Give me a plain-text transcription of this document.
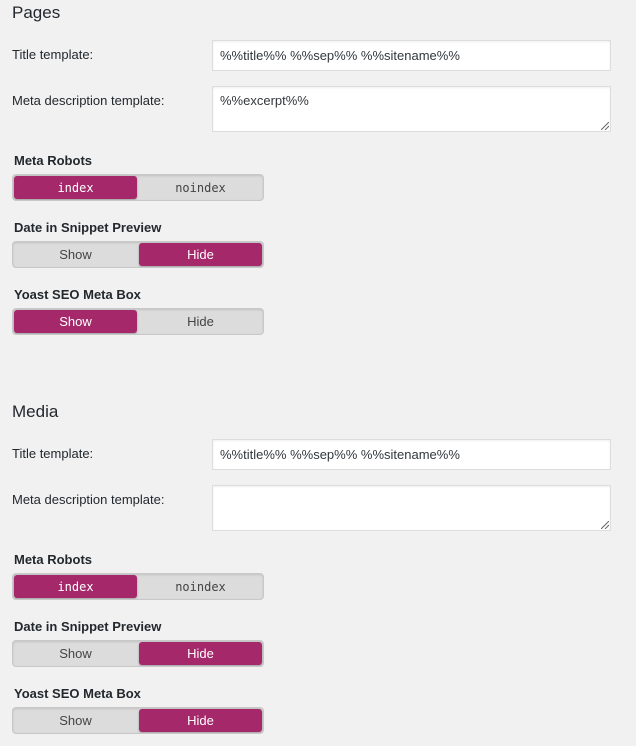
Pages
Title template:
%%title%% %%sep%% %%sitename%%
Meta description template:
%%excerpt%%
Meta Robots
index	noindex
Date in Snippet Preview
Show	Hide
Yoast SEO Meta Box
Show	Hide
Media
Title template:
%%title%% %%sep%% %%sitename%%
Meta description template:
Meta Robots
index	noindex
Date in Snippet Preview
Show	Hide
Yoast SEO Meta Box
Show	Hide
